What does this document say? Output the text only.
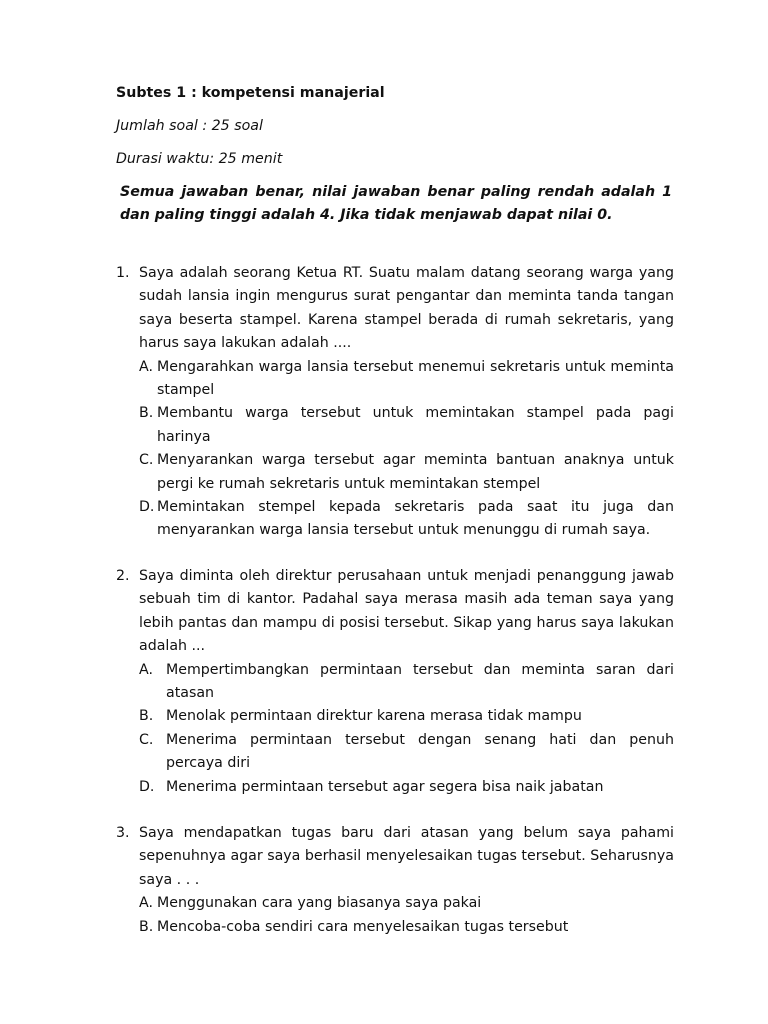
Subtes 1 : kompetensi manajerial

Jumlah soal : 25 soal

Durasi waktu: 25 menit

Semua jawaban benar, nilai jawaban benar paling rendah adalah 1 dan paling tinggi adalah 4. Jika tidak menjawab dapat nilai 0.

1. Saya adalah seorang Ketua RT. Suatu malam datang seorang warga yang sudah lansia ingin mengurus surat pengantar dan meminta tanda tangan saya beserta stampel. Karena stampel berada di rumah sekretaris, yang harus saya lakukan adalah ....
A. Mengarahkan warga lansia tersebut menemui sekretaris untuk meminta stampel
B. Membantu warga tersebut untuk memintakan stampel pada pagi harinya
C. Menyarankan warga tersebut agar meminta bantuan anaknya untuk pergi ke rumah sekretaris untuk memintakan stempel
D. Memintakan stempel kepada sekretaris pada saat itu juga dan menyarankan warga lansia tersebut untuk menunggu di rumah saya.
2. Saya diminta oleh direktur perusahaan untuk menjadi penanggung jawab sebuah tim di kantor. Padahal saya merasa masih ada teman saya yang lebih pantas dan mampu di posisi tersebut. Sikap yang harus saya lakukan adalah ...
A. Mempertimbangkan permintaan tersebut dan meminta saran dari atasan
B. Menolak permintaan direktur karena merasa tidak mampu
C. Menerima permintaan tersebut dengan senang hati dan penuh percaya diri
D. Menerima permintaan tersebut agar segera bisa naik jabatan
3. Saya mendapatkan tugas baru dari atasan yang belum saya pahami sepenuhnya agar saya berhasil menyelesaikan tugas tersebut. Seharusnya saya . . .
A. Menggunakan cara yang biasanya saya pakai
B. Mencoba-coba sendiri cara menyelesaikan tugas tersebut
